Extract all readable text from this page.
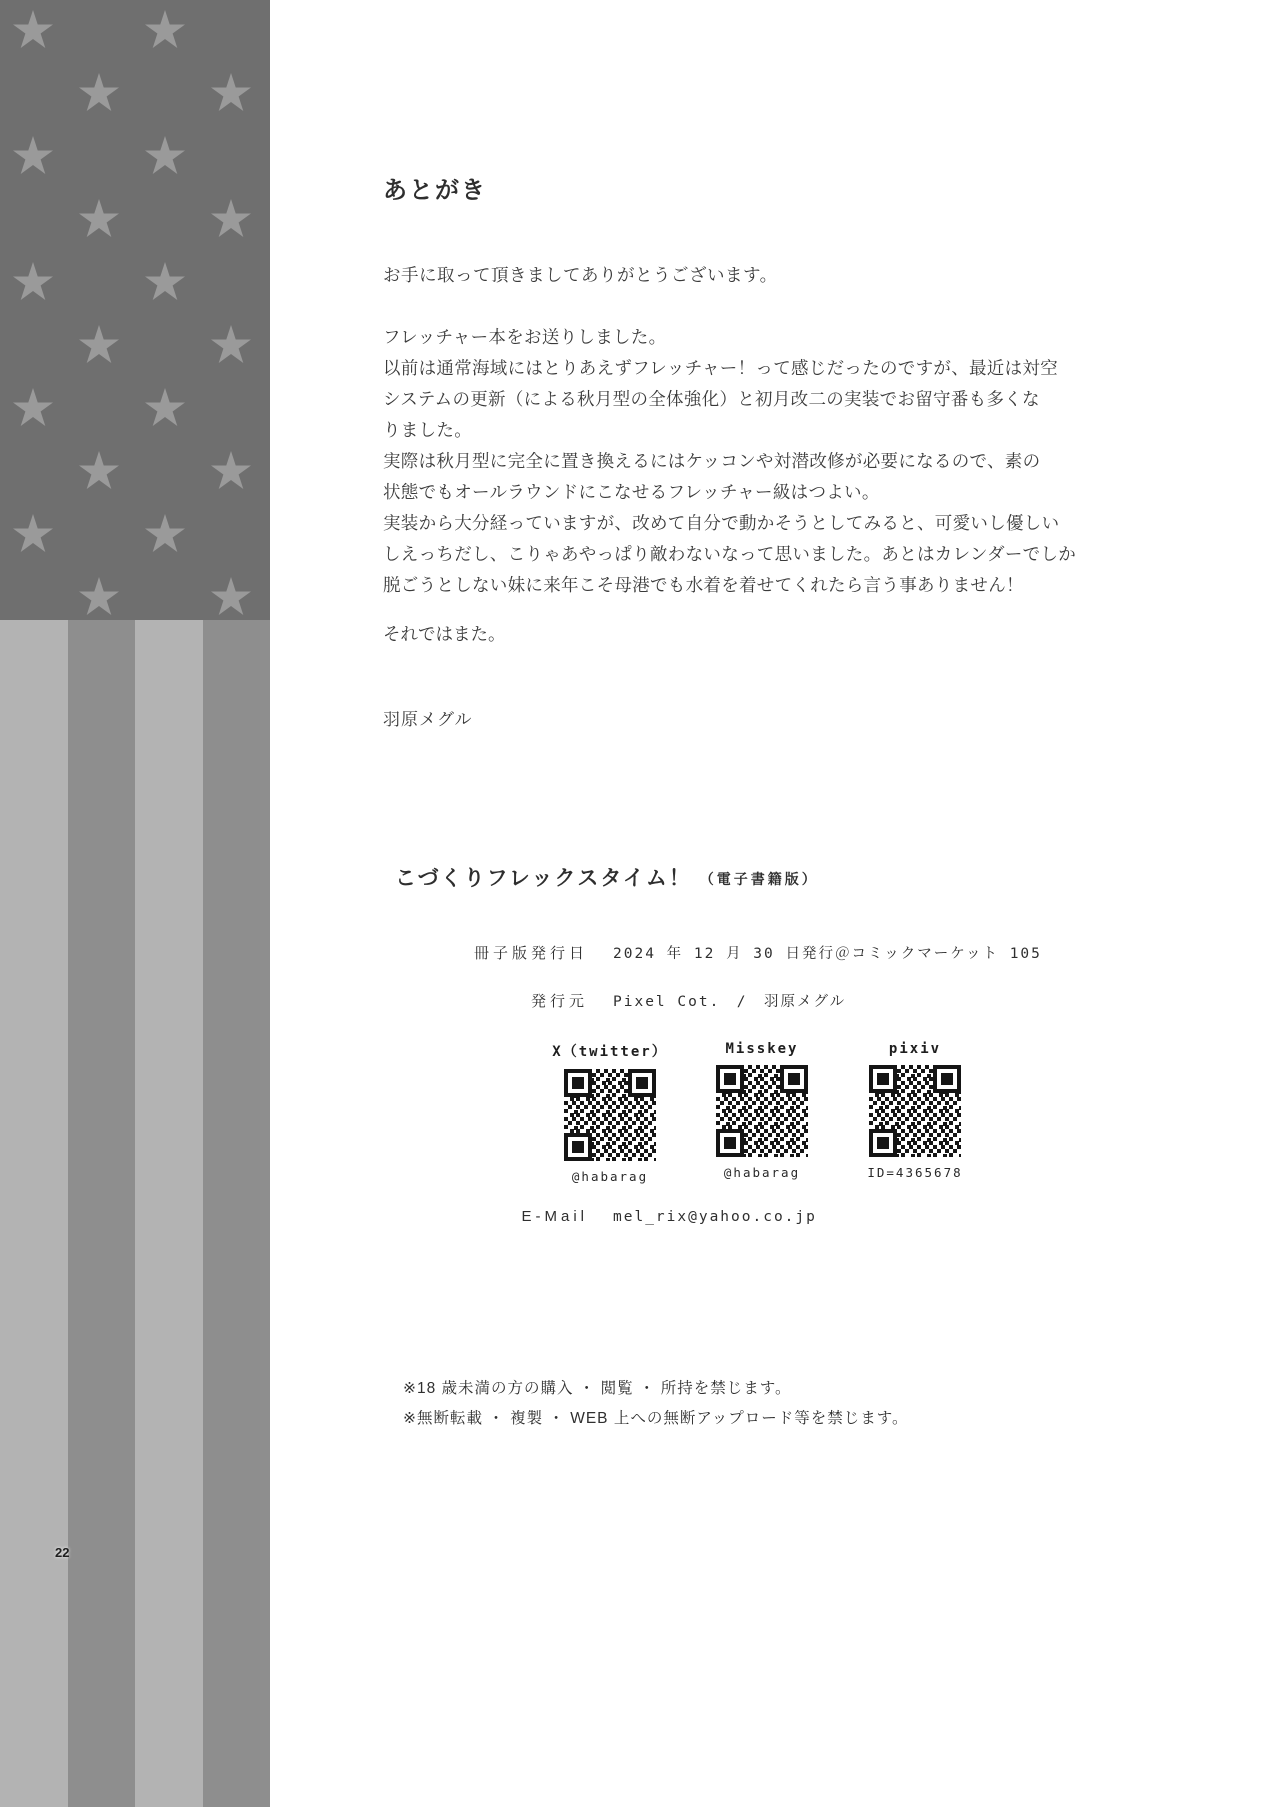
あとがき
お手に取って頂きましてありがとうございます。
フレッチャー本をお送りしました。
以前は通常海域にはとりあえずフレッチャー！って感じだったのですが、最近は対空
システムの更新（による秋月型の全体強化）と初月改二の実装でお留守番も多くな
りました。
実際は秋月型に完全に置き換えるにはケッコンや対潜改修が必要になるので、素の
状態でもオールラウンドにこなせるフレッチャー級はつよい。
実装から大分経っていますが、改めて自分で動かそうとしてみると、可愛いし優しい
しえっちだし、こりゃあやっぱり敵わないなって思いました。あとはカレンダーでしか
脱ごうとしない妹に来年こそ母港でも水着を着せてくれたら言う事ありません！
それではまた。
羽原メグル
こづくりフレックスタイム！ （電子書籍版）
冊子版発行日 2024 年 12 月 30 日発行＠コミックマーケット 105
発行元 Pixel Cot.　/　羽原メグル
X（twitter）
@habarag
Misskey
@habarag
pixiv
ID=4365678
E-Mail mel_rix@yahoo.co.jp
※18 歳未満の方の購入 ・ 閲覧 ・ 所持を禁じます。
※無断転載 ・ 複製 ・ WEB 上への無断アップロード等を禁じます。
22
